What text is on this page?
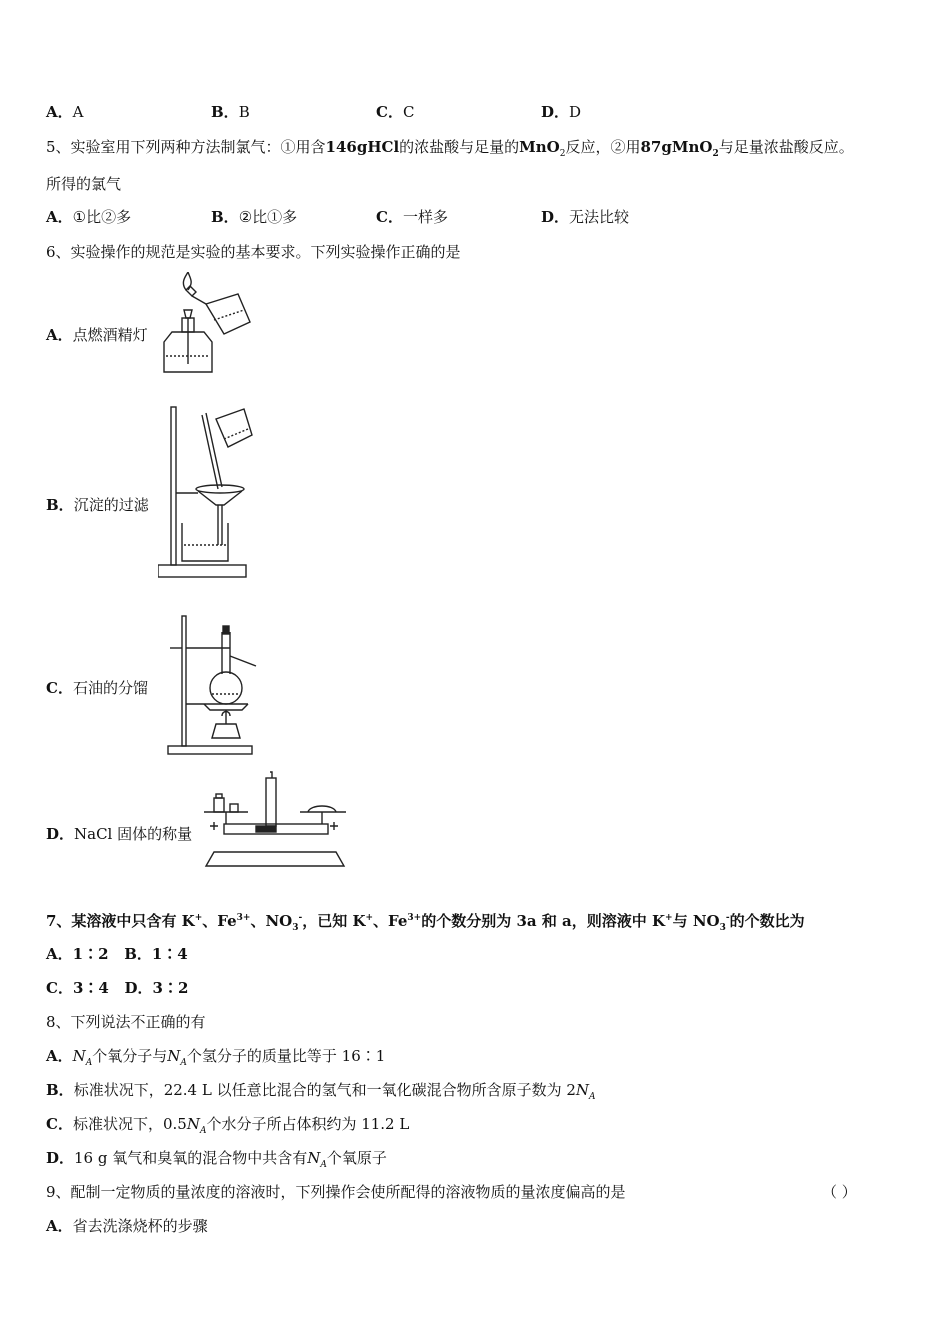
A．A	B．B	C．C	D．D
5、实验室用下列两种方法制氯气：①用含146gHCl的浓盐酸与足量的MnO$_2$反应，②用87gMnO$_2$与足量浓盐酸反应。
所得的氯气
A．①比②多	B．②比①多	C．一样多	D．无法比较
6、实验操作的规范是实验的基本要求。下列实验操作正确的是
A．点燃酒精灯
B．沉淀的过滤
C．石油的分馏
D．NaCl 固体的称量
7、某溶液中只含有 K+、$Fe^{3+}$、$NO_3^-$，已知 K+、$Fe^{3+}$的个数分别为 3a 和 a，则溶液中 K+与 $NO_3^-$的个数比为
A．1∶2 B．1∶4
C．3∶4 D．3∶2
8、下列说法不正确的有
A．$N_A$个氧分子与$N_A$个氢分子的质量比等于 16∶1
B．标准状况下，22.4 L 以任意比混合的氢气和一氧化碳混合物所含原子数为 $2N_A$
C．标准状况下，$0.5N_A$个水分子所占体积约为 11.2 L
D．16 g 氧气和臭氧的混合物中共含有$N_A$个氧原子
9、配制一定物质的量浓度的溶液时，下列操作会使所配得的溶液物质的量浓度偏高的是	（ ）
A．省去洗涤烧杯的步骤
